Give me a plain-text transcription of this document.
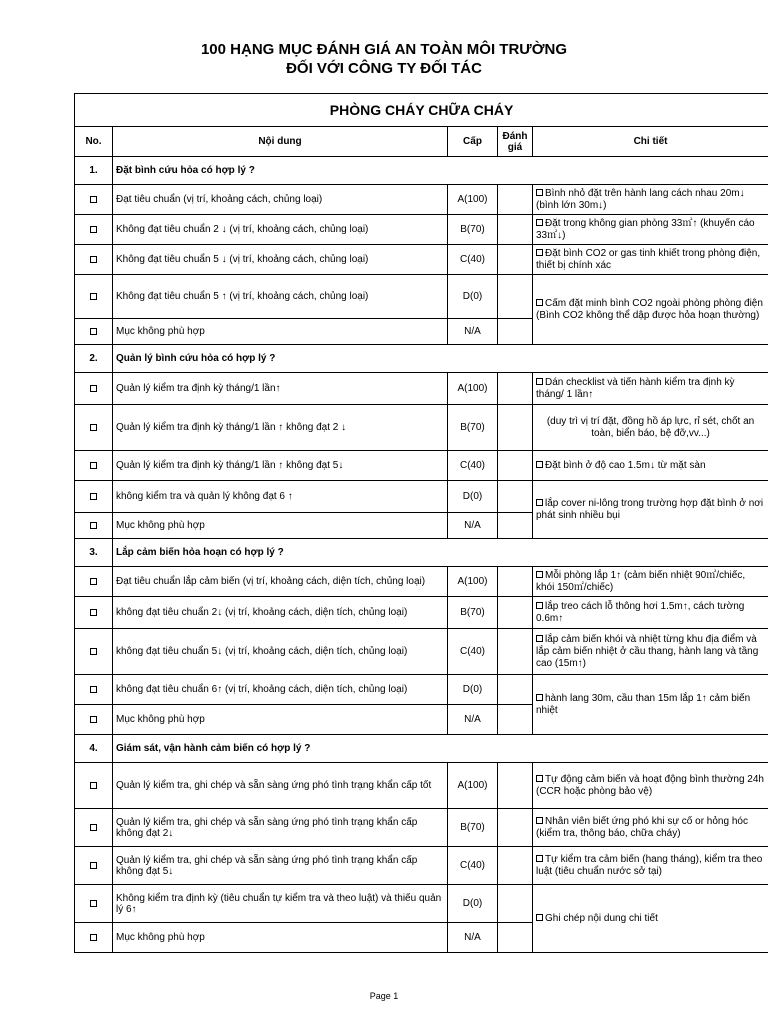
100 HẠNG MỤC ĐÁNH GIÁ AN TOÀN MÔI TRƯỜNG
ĐỐI VỚI CÔNG TY ĐỐI TÁC
PHÒNG CHÁY CHỮA CHÁY				
No.	Nội dung	Cấp	Đánh giá	Chi tiết
1.	Đặt bình cứu hỏa có hợp lý ?			
	Đạt tiêu chuẩn (vị trí, khoảng cách, chủng loại)	A(100)		Bình nhỏ đặt trên hành lang cách nhau 20m↓ (bình lớn 30m↓)
	Không đạt tiêu chuẩn 2 ↓ (vị trí, khoảng cách, chủng loại)	B(70)		Đặt trong không gian phòng 33㎡↑ (khuyến cáo 33㎡↓)
	Không đạt tiêu chuẩn 5 ↓ (vị trí, khoảng cách, chủng loại)	C(40)		Đặt bình CO2 or gas tinh khiết trong phòng điện, thiết bị chính xác
	Không đạt tiêu chuẩn 5 ↑ (vị trí, khoảng cách, chủng loại)	D(0)		Cấm đặt minh bình CO2 ngoài phòng phòng điện (Bình CO2 không thể dập được hỏa hoạn thường)
	Mục không phù hợp	N/A		
2.	Quản lý bình cứu hỏa có hợp lý ?			
	Quản lý kiểm tra định kỳ tháng/1 lần↑	A(100)		Dán checklist và tiến hành kiểm tra định kỳ tháng/ 1 lần↑
	Quản lý kiểm tra định kỳ tháng/1 lần ↑ không đạt 2 ↓	B(70)		(duy trì vị trí đặt, đồng hồ áp lực, rỉ sét, chốt an toàn, biển báo, bệ đỡ,vv...)
	Quản lý kiểm tra định kỳ tháng/1 lần ↑ không đạt 5↓	C(40)		Đặt bình ở độ cao 1.5m↓ từ mặt sàn
	không kiểm tra và quản lý không đạt 6 ↑	D(0)		lắp cover ni-lông trong trường hợp đặt bình ở nơi phát sinh nhiều bụi
	Mục không phù hợp	N/A		
3.	Lắp cảm biến hỏa hoạn có hợp lý ?			
	Đạt tiêu chuẩn lắp cảm biến (vị trí, khoảng cách, diện tích, chủng loại)	A(100)		Mỗi phòng lắp 1↑ (cảm biến nhiệt 90㎡/chiếc, khói 150㎡/chiếc)
	không đạt tiêu chuẩn 2↓ (vị trí, khoảng cách, diện tích, chủng loại)	B(70)		lắp treo cách lỗ thông hơi 1.5m↑, cách tường 0.6m↑
	không đạt tiêu chuẩn 5↓ (vị trí, khoảng cách, diện tích, chủng loại)	C(40)		lắp cảm biến khói và nhiệt từng khu địa điểm và lắp cảm biến nhiệt ở cầu thang, hành lang và tầng cao (15m↑)
	không đạt tiêu chuẩn 6↑ (vị trí, khoảng cách, diện tích, chủng loại)	D(0)		hành lang 30m, cầu than 15m lắp 1↑ cảm biến nhiệt
	Mục không phù hợp	N/A		
4.	Giám sát, vận hành cảm biến có hợp lý ?			
	Quản lý kiểm tra, ghi chép và sẵn sàng ứng phó tình trạng khẩn cấp tốt	A(100)		Tự động cảm biến và hoạt động bình thường 24h (CCR hoặc phòng bảo vệ)
	Quản lý kiểm tra, ghi chép và sẵn sàng ứng phó tình trạng khẩn cấp không đạt 2↓	B(70)		Nhân viên biết ứng phó khi sự cố or hỏng hóc (kiểm tra, thông báo, chữa cháy)
	Quản lý kiểm tra, ghi chép và sẵn sàng ứng phó tình trạng khẩn cấp không đạt 5↓	C(40)		Tự kiểm tra cảm biến (hang tháng), kiểm tra theo luật (tiêu chuẩn nước sở tại)
	Không kiểm tra định kỳ (tiêu chuẩn tự kiểm tra và theo luật) và thiếu quản lý 6↑	D(0)		Ghi chép nội dung chi tiết
	Mục không phù hợp	N/A		
Page 1
